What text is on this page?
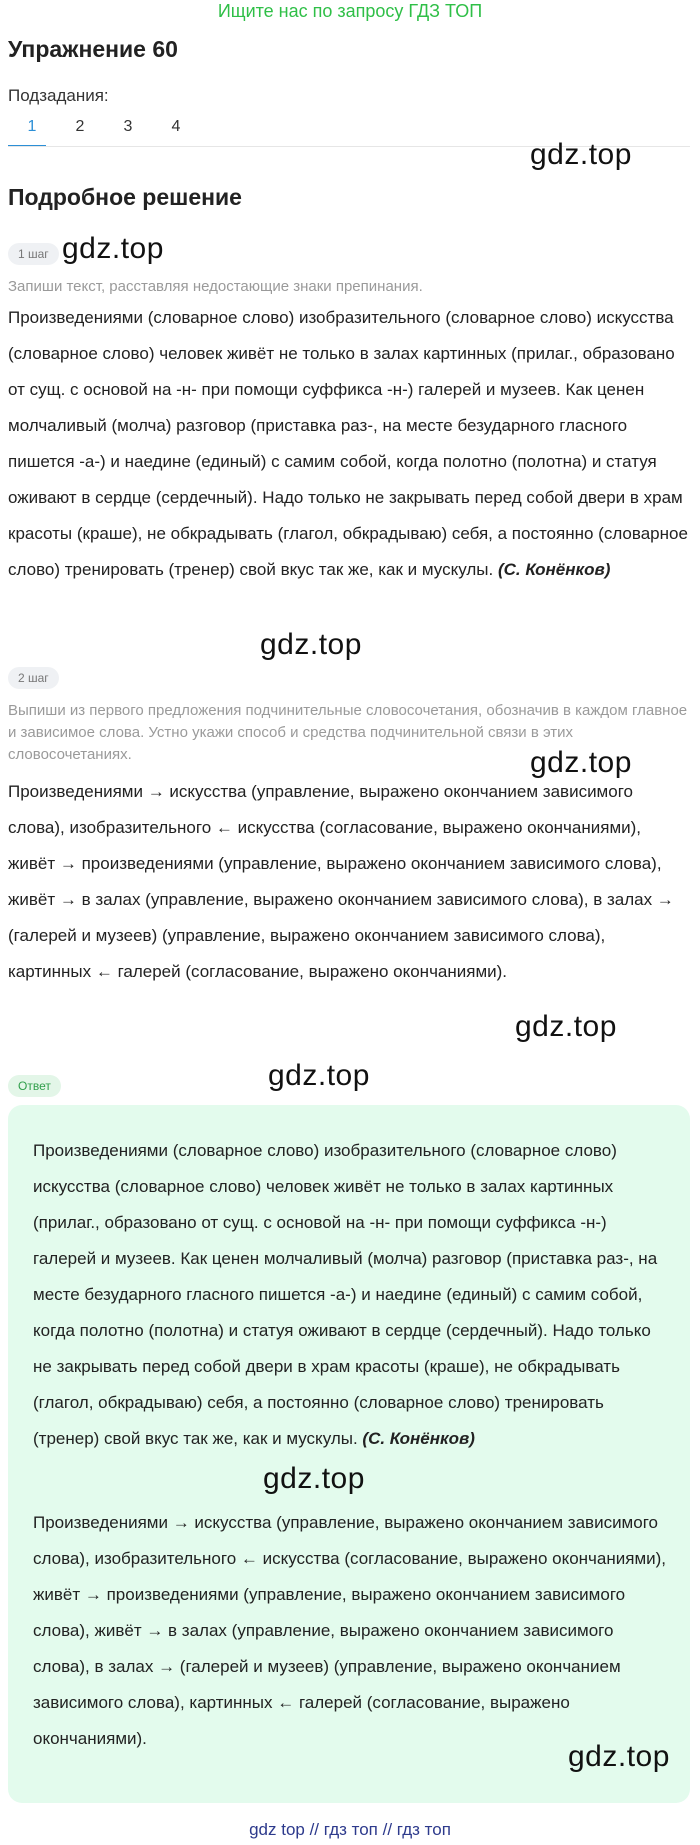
Ищите нас по запросу ГДЗ ТОП
Упражнение 60
Подзадания:
1	2	3	4
gdz.top
Подробное решение
1 шаг gdz.top

Запиши текст, расставляя недостающие знаки препинания.

Произведениями (словарное слово) изобразительного (словарное слово) искусства (словарное слово) человек живёт не только в залах картинных (прилаг., образовано от сущ. с основой на -н- при помощи суффикса -н-) галерей и музеев. Как ценен молчаливый (молча) разговор (приставка раз-, на месте безударного гласного пишется -а-) и наедине (единый) с самим собой, когда полотно (полотна) и статуя оживают в сердце (сердечный). Надо только не закрывать перед собой двери в храм красоты (краше), не обкрадывать (глагол, обкрадываю) себя, а постоянно (словарное слово) тренировать (тренер) свой вкус так же, как и мускулы. (С. Конёнков)

gdz.top
2 шаг

Выпиши из первого предложения подчинительные словосочетания, обозначив в каждом главное и зависимое слова. Устно укажи способ и средства подчинительной связи в этих словосочетаниях.	gdz.top

Произведениями → искусства (управление, выражено окончанием зависимого слова), изобразительного ← искусства (согласование, выражено окончаниями), живёт → произведениями (управление, выражено окончанием зависимого слова), живёт → в залах (управление, выражено окончанием зависимого слова), в залах → (галерей и музеев) (управление, выражено окончанием зависимого слова), картинных ← галерей (согласование, выражено окончаниями).

gdz.top
gdz.top
Ответ

Произведениями (словарное слово) изобразительного (словарное слово) искусства (словарное слово) человек живёт не только в залах картинных (прилаг., образовано от сущ. с основой на -н- при помощи суффикса -н-) галерей и музеев. Как ценен молчаливый (молча) разговор (приставка раз-, на месте безударного гласного пишется -а-) и наедине (единый) с самим собой, когда полотно (полотна) и статуя оживают в сердце (сердечный). Надо только не закрывать перед собой двери в храм красоты (краше), не обкрадывать (глагол, обкрадываю) себя, а постоянно (словарное слово) тренировать (тренер) свой вкус так же, как и мускулы. (С. Конёнков)

gdz.top

Произведениями → искусства (управление, выражено окончанием зависимого слова), изобразительного ← искусства (согласование, выражено окончаниями), живёт → произведениями (управление, выражено окончанием зависимого слова), живёт → в залах (управление, выражено окончанием зависимого слова), в залах → (галерей и музеев) (управление, выражено окончанием зависимого слова), картинных ← галерей (согласование, выражено окончаниями).

gdz.top
gdz top // гдз топ // гдз топ
